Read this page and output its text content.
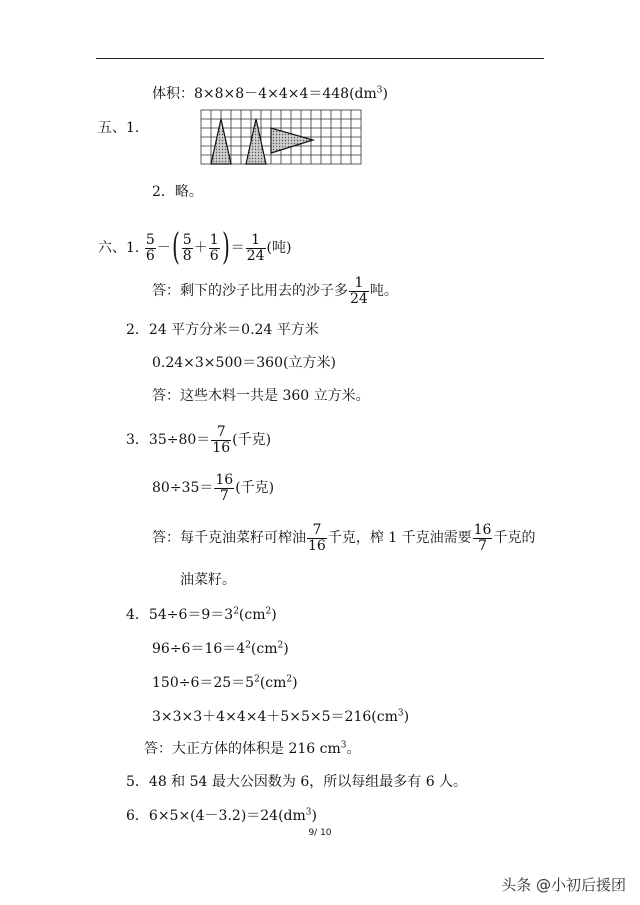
体积：$8\times 8\times 8-4\times 4\times 4=448(dm^3)$
五、1.
2．略。
六、1. $\frac{5}{6}$ －( $\frac{5}{8} + \frac{1}{6}$ )＝ $\frac{1}{24}$ (吨)
答：剩下的沙子比用去的沙子多 $\frac{1}{24}$ 吨。
2．24 平方分米＝0.24 平方米
0.24×3×500＝360(立方米)
答：这些木料一共是 360 立方米。
3．$35\div 80= \frac{7}{16}$ (千克)
$80\div 35= \frac{16}{7}$ (千克)
答：每千克油菜籽可榨油 $\frac{7}{16}$ 千克，榨 1 千克油需要 $\frac{16}{7}$ 千克的
油菜籽。
4．$54\div 6=9=3^2(cm^2)$
$96\div 6=16=4^2(cm^2)$
$150\div 6=25=5^2(cm^2)$
$3\times 3\times 3+4\times 4\times 4+5\times 5\times 5=216(cm^3)$
答：大正方体的体积是 216 $cm^3$。
5．48 和 54 最大公因数为 6，所以每组最多有 6 人。
6．$6\times 5\times(4-3.2)=24(dm^3)$
9/ 10
头条 @小初后援团
